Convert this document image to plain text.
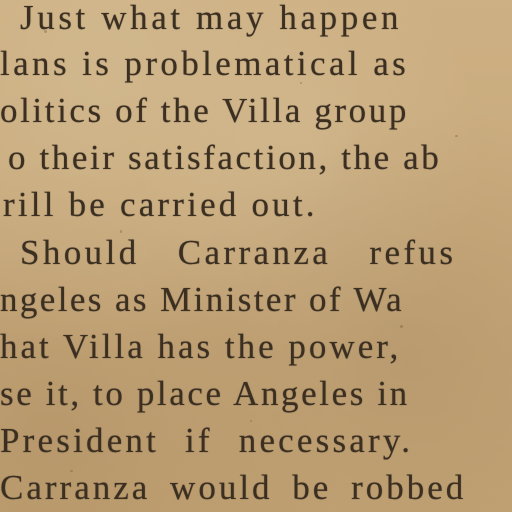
Just what may happen
lans is problematical as
olitics of the Villa group
o their satisfaction, the ab
rill be carried out.
Should Carranza refus
ngeles as Minister of Wa
hat Villa has the power,
se it, to place Angeles in
President if necessary.
Carranza would be robbed
